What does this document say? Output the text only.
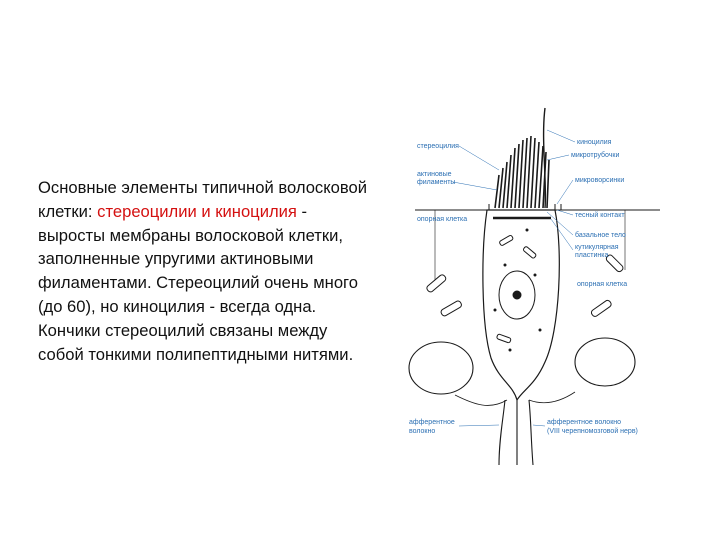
Основные элементы типичной волосковой клетки: стереоцилии и киноцилия - выросты мембраны волосковой клетки, заполненные упругими актиновыми филаментами. Стереоцилий очень много (до 60), но киноцилия - всегда одна. Кончики стереоцилий связаны между собой тонкими полипептидными нитями.
стереоцилия
киноцилия
микротрубочки
актиновые
филаменты	микроворсинки
опорная клетка
тесный контакт
базальное тело
кутикулярная
пластинка
опорная клетка
афферентное
волокно
афферентное волокно
(VIII черепномозговой нерв)
